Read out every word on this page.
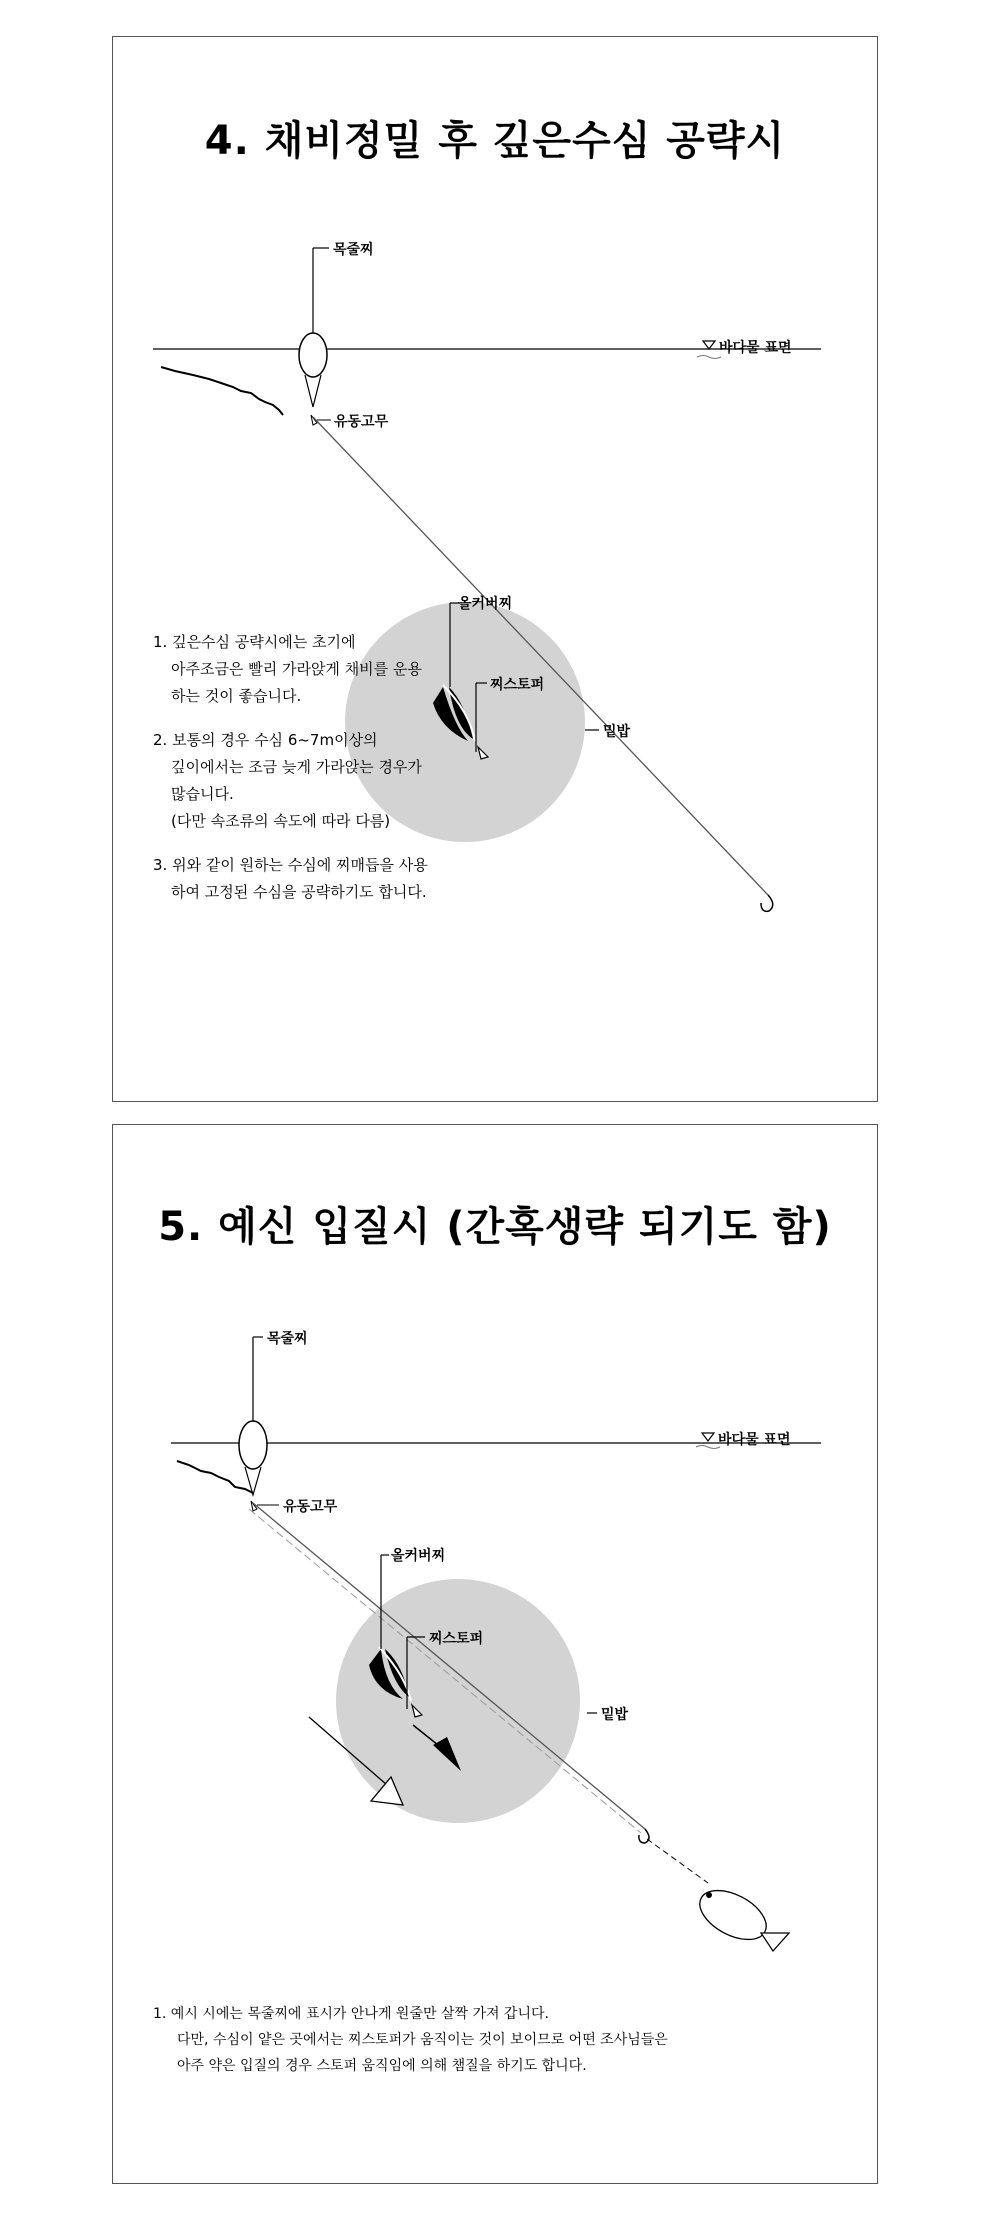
4. 채비정밀 후 깊은수심 공략시
목줄찌
바다물 표면
유동고무
올커버찌
찌스토퍼
밑밥

1. 깊은수심 공략시에는 초기에

아주조금은 빨리 가라앉게 채비를 운용

하는 것이 좋습니다.

2. 보통의 경우 수심 6~7m이상의

깊이에서는 조금 늦게 가라앉는 경우가

많습니다.

(다만 속조류의 속도에 따라 다름)

3. 위와 같이 원하는 수심에 찌매듭을 사용

하여 고정된 수심을 공략하기도 합니다.

5. 예신 입질시 (간혹생략 되기도 함)
목줄찌
바다물 표면
유동고무
올커버찌
찌스토퍼
밑밥

1. 예시 시에는 목줄찌에 표시가 안나게 원줄만 살짝 가져 갑니다.

다만, 수심이 얕은 곳에서는 찌스토퍼가 움직이는 것이 보이므로 어떤 조사님들은

아주 약은 입질의 경우 스토퍼 움직임에 의해 챔질을 하기도 합니다.
